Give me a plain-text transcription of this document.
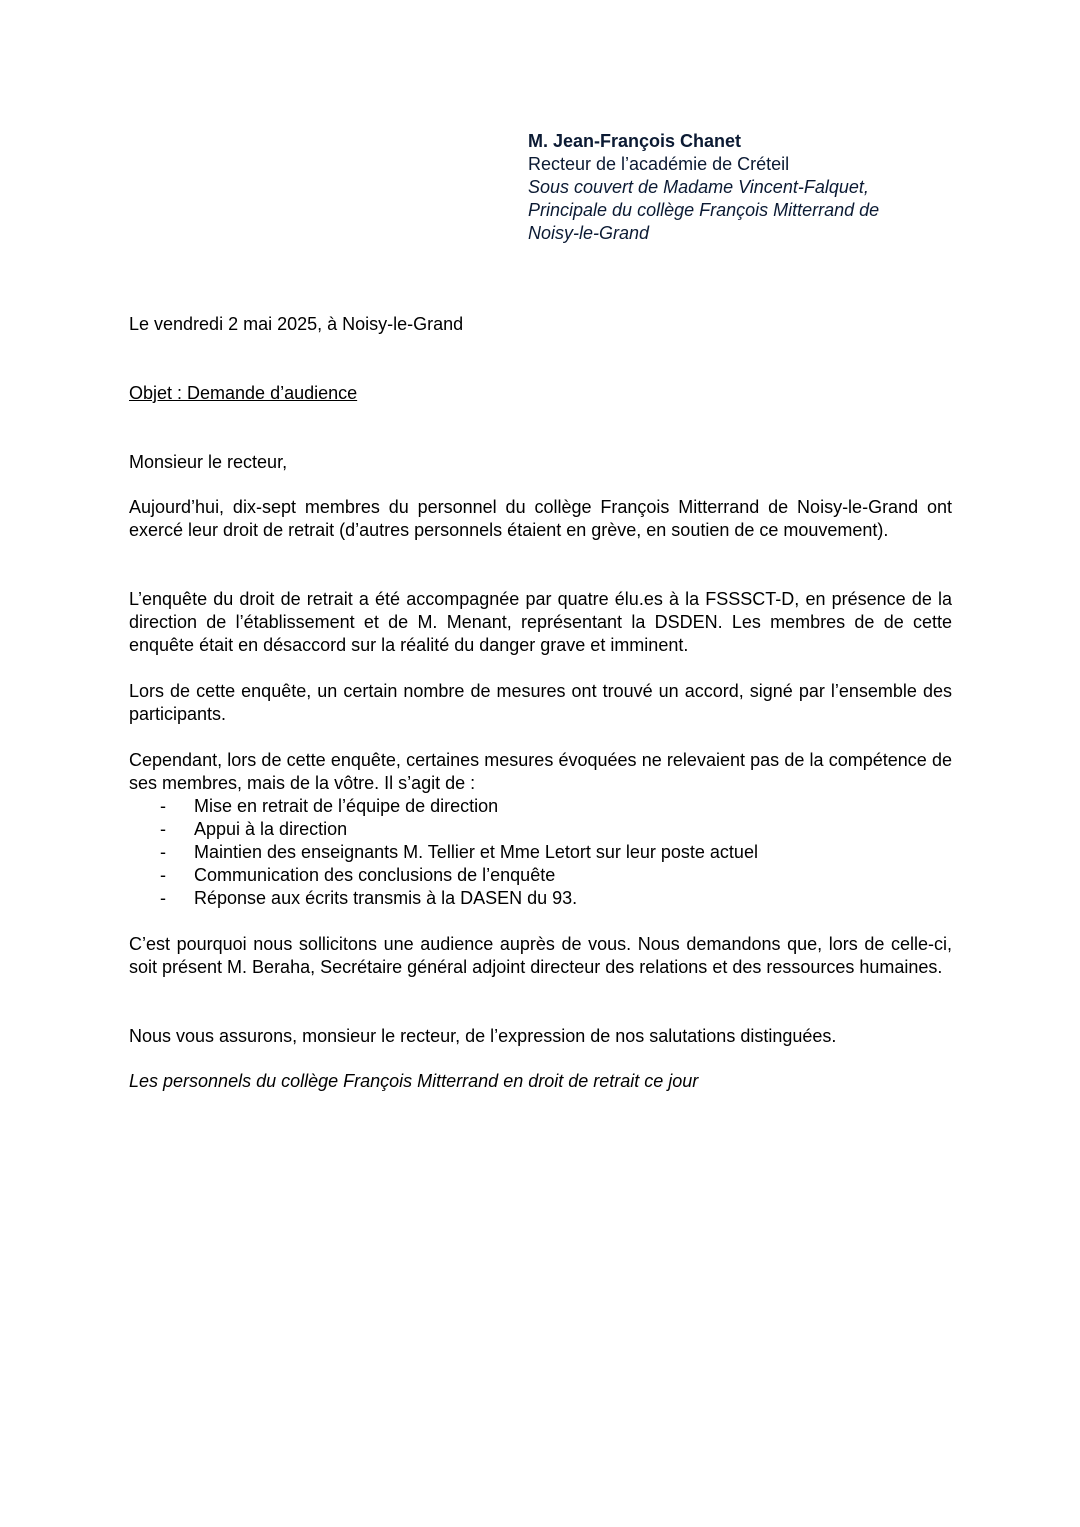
M. Jean-François Chanet
Recteur de l’académie de Créteil
Sous couvert de Madame Vincent-Falquet,
Principale du collège François Mitterrand de
Noisy-le-Grand
Le vendredi 2 mai 2025, à Noisy-le-Grand
Objet : Demande d’audience
Monsieur le recteur,

Aujourd’hui, dix-sept membres du personnel du collège François Mitterrand de Noisy-le-Grand ont exercé leur droit de retrait (d’autres personnels étaient en grève, en soutien de ce mouvement).

L’enquête du droit de retrait a été accompagnée par quatre élu.es à la FSSSCT-D, en présence de la direction de l’établissement et de M. Menant, représentant la DSDEN. Les membres de de cette enquête était en désaccord sur la réalité du danger grave et imminent.

Lors de cette enquête, un certain nombre de mesures ont trouvé un accord, signé par l’ensemble des participants.

Cependant, lors de cette enquête, certaines mesures évoquées ne relevaient pas de la compétence de ses membres, mais de la vôtre. Il s’agit de :

- Mise en retrait de l’équipe de direction
- Appui à la direction
- Maintien des enseignants M. Tellier et Mme Letort sur leur poste actuel
- Communication des conclusions de l’enquête
- Réponse aux écrits transmis à la DASEN du 93.

C’est pourquoi nous sollicitons une audience auprès de vous. Nous demandons que, lors de celle-ci, soit présent M. Beraha, Secrétaire général adjoint directeur des relations et des ressources humaines.

Nous vous assurons, monsieur le recteur, de l’expression de nos salutations distinguées.

Les personnels du collège François Mitterrand en droit de retrait ce jour
